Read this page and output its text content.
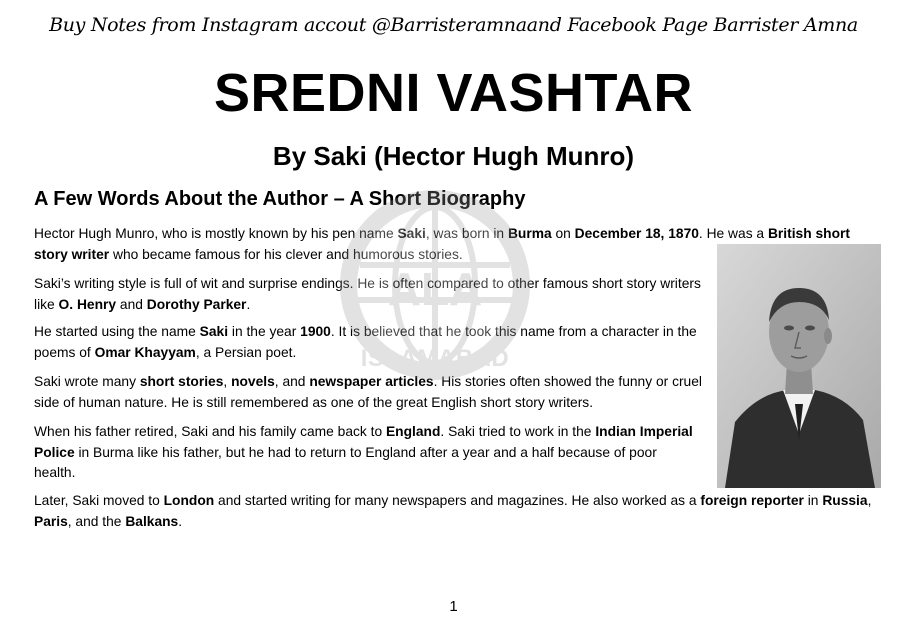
Buy Notes from Instagram accout @Barristeramnaand Facebook Page Barrister Amna
SREDNI VASHTAR
By Saki (Hector Hugh Munro)
A Few Words About the Author – A Short Biography

Hector Hugh Munro, who is mostly known by his pen name Saki, was born in Burma on December 18, 1870. He was a British short story writer who became famous for his clever and humorous stories.

Saki’s writing style is full of wit and surprise endings. He is often compared to other famous short story writers like O. Henry and Dorothy Parker.

He started using the name Saki in the year 1900. It is believed that he took this name from a character in the poems of Omar Khayyam, a Persian poet.

Saki wrote many short stories, novels, and newspaper articles. His stories often showed the funny or cruel side of human nature. He is still remembered as one of the great English short story writers.

When his father retired, Saki and his family came back to England. Saki tried to work in the Indian Imperial Police in Burma like his father, but he had to return to England after a year and a half because of poor health.

Later, Saki moved to London and started writing for many newspapers and magazines. He also worked as a foreign reporter in Russia, Paris, and the Balkans.

ALA
ISLAMABAD
1
